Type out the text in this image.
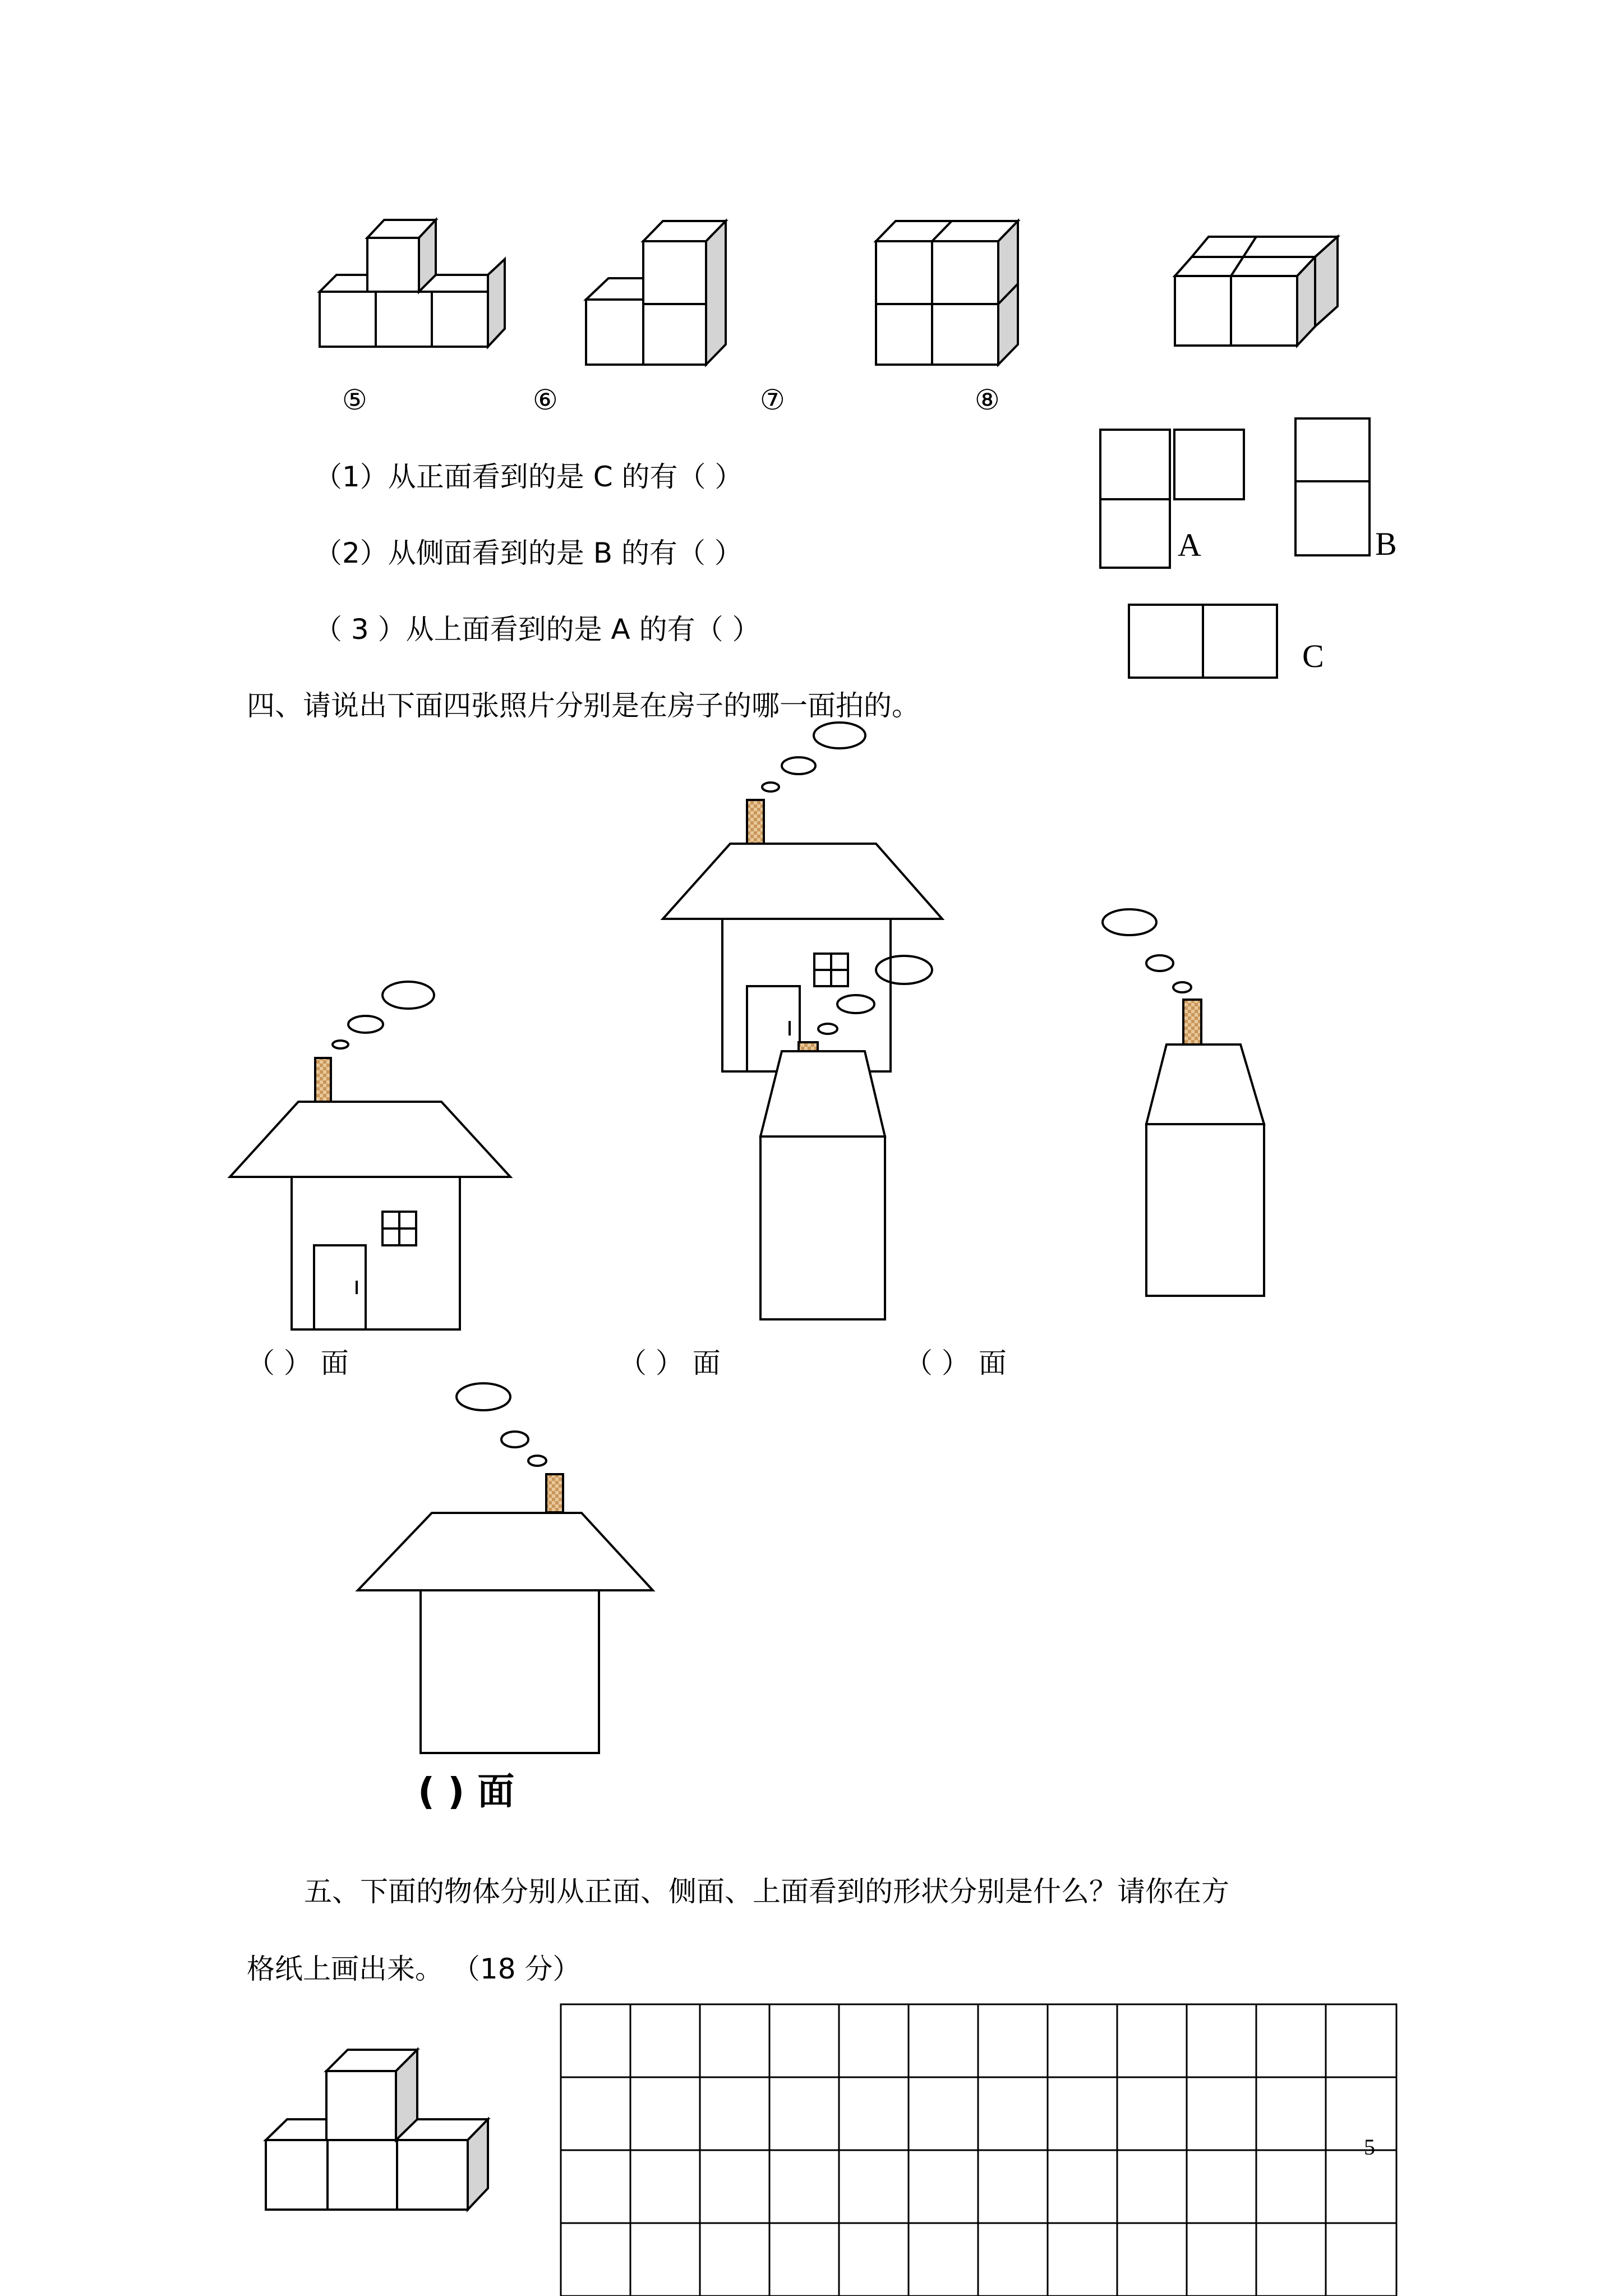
⑤	⑥	⑦	⑧
（1）从正面看到的是 C 的有（ ）
（2）从侧面看到的是 B 的有（ ）
（ 3 ）从上面看到的是 A 的有（ ）
A	B
C
四、请说出下面四张照片分别是在房子的哪一面拍的。
（ ） 面	（ ） 面	（ ） 面
( ) 面
五、下面的物体分别从正面、侧面、上面看到的形状分别是什么？请你在方
格纸上画出来。 （18 分）
5
